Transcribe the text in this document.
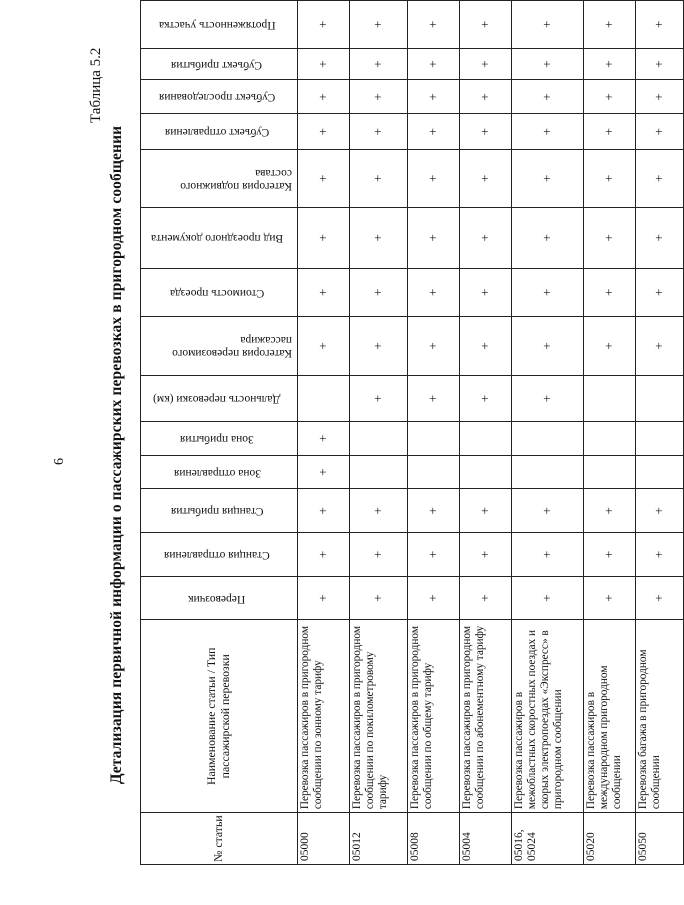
6
Таблица 5.2
Детализация первичной информации о пассажирских перевозках в пригородном сообщении
№ статьи	Наименование статьи / Тип пассажирской перевозки	Перевозчик	Станция отправления	Станция прибытия	Зона отправления	Зона прибытия	Дальность перевозки (км)	Категория перевозимого пассажира	Стоимость проезда	Вид проездного документа	Категория подвижного состава	Субъект отправления	Субъект проследования	Субъект прибытия	Протяженность участка
05000	Перевозка пассажиров в пригородном сообщении по зонному тарифу	+	+	+	+	+		+	+	+	+	+	+	+	+
05012	Перевозка пассажиров в пригородном сообщении по покилометровому тарифу	+	+	+			+	+	+	+	+	+	+	+	+
05008	Перевозка пассажиров в пригородном сообщении по общему тарифу	+	+	+			+	+	+	+	+	+	+	+	+
05004	Перевозка пассажиров в пригородном сообщении по абонементному тарифу	+	+	+			+	+	+	+	+	+	+	+	+
05016, 05024	Перевозка пассажиров в межобластных скоростных поездах и скорых электропоездах «Экспресс» в пригородном сообщении	+	+	+			+	+	+	+	+	+	+	+	+
05020	Перевозка пассажиров в международном пригородном сообщении	+	+	+				+	+	+	+	+	+	+	+
05050	Перевозка багажа в пригородном сообщении	+	+	+				+	+	+	+	+	+	+	+
